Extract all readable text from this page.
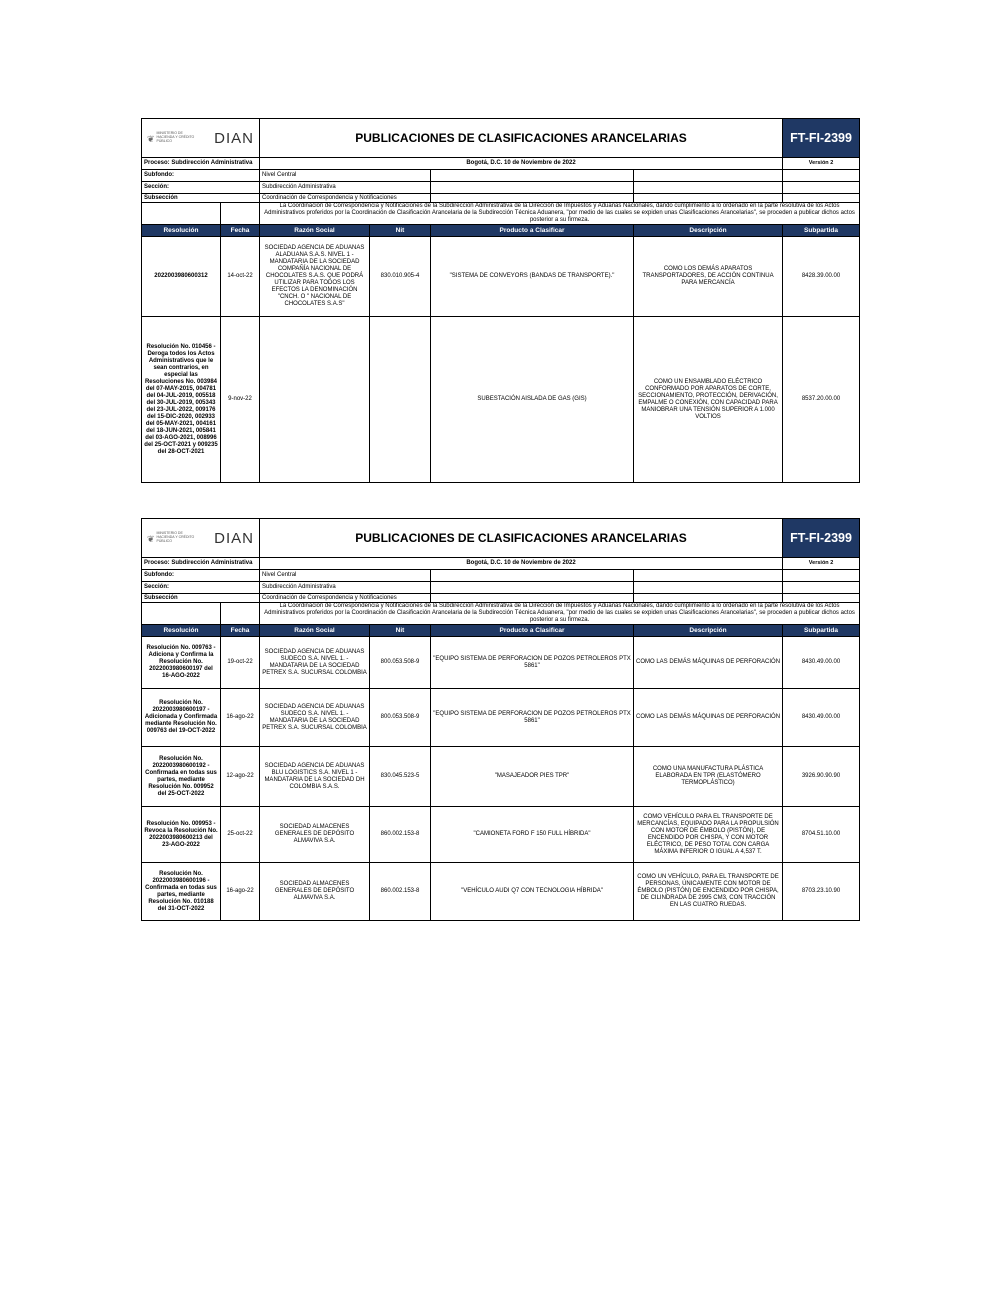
❦MINISTERIO DE HACIENDA Y CRÉDITO PÚBLICO DIAN		PUBLICACIONES DE CLASIFICACIONES ARANCELARIAS				FT-FI-2399
Proceso: Subdirección Administrativa		Bogotá, D.C. 10 de Noviembre de 2022				Versión 2
Subfondo:		Nivel Central				
Sección:		Subdirección Administrativa				
Subsección		Coordinación de Correspondencia y Notificaciones				
		La Coordinacion de Correspondencia y Notificaciones de la Subdireccion Administrativa de la Dirección de Impuestos y Aduanas Nacionales, dando cumplimiento a lo ordenado en la parte resolutiva de los Actos Administrativos proferidos por la Coordinación de Clasificación Arancelaria de la Subdirección Técnica Aduanera, "por medio de las cuales se expiden unas Clasificaciones Arancelarias", se proceden a publicar dichos actos posterior a su firmeza.				
Resolución	Fecha	Razón Social	Nit	Producto a Clasificar	Descripción	Subpartida
2022003980600312	14-oct-22	SOCIEDAD AGENCIA DE ADUANAS ALADUANA S.A.S. NIVEL 1 - MANDATARIA DE LA SOCIEDAD COMPAÑÍA NACIONAL DE CHOCOLATES S.A.S. QUE PODRÁ UTILIZAR PARA TODOS LOS EFECTOS LA DENOMINACIÓN "CNCH. O " NACIONAL DE CHOCOLATES S.A.S"	830.010.905-4	"SISTEMA DE CONVEYORS (BANDAS DE TRANSPORTE)."	COMO LOS DEMÁS APARATOS TRANSPORTADORES, DE ACCIÓN CONTINUA PARA MERCANCÍA	8428.39.00.00
Resolución No. 010456 - Deroga todos los Actos Administrativos que le sean contrarios, en especial las Resoluciones No. 003984 del 07-MAY-2015, 004781 del 04-JUL-2019, 005518 del 30-JUL-2019, 005343 del 23-JUL-2022, 009176 del 15-DIC-2020, 002933 del 05-MAY-2021, 004161 del 18-JUN-2021, 005841 del 03-AGO-2021, 008996 del 25-OCT-2021 y 009235 del 28-OCT-2021	9-nov-22			SUBESTACIÓN AISLADA DE GAS (GIS)	COMO UN ENSAMBLADO ELÉCTRICO CONFORMADO POR APARATOS DE CORTE, SECCIONAMIENTO, PROTECCIÓN, DERIVACIÓN, EMPALME O CONEXIÓN, CON CAPACIDAD PARA MANIOBRAR UNA TENSIÓN SUPERIOR A 1.000 VOLTIOS	8537.20.00.00
❦MINISTERIO DE HACIENDA Y CRÉDITO PÚBLICO DIAN		PUBLICACIONES DE CLASIFICACIONES ARANCELARIAS				FT-FI-2399
Proceso: Subdirección Administrativa		Bogotá, D.C. 10 de Noviembre de 2022				Versión 2
Subfondo:		Nivel Central				
Sección:		Subdirección Administrativa				
Subsección		Coordinación de Correspondencia y Notificaciones				
		La Coordinacion de Correspondencia y Notificaciones de la Subdireccion Administrativa de la Dirección de Impuestos y Aduanas Nacionales, dando cumplimiento a lo ordenado en la parte resolutiva de los Actos Administrativos proferidos por la Coordinación de Clasificación Arancelaria de la Subdirección Técnica Aduanera, "por medio de las cuales se expiden unas Clasificaciones Arancelarias", se proceden a publicar dichos actos posterior a su firmeza.				
Resolución	Fecha	Razón Social	Nit	Producto a Clasificar	Descripción	Subpartida
Resolución No. 009763 - Adiciona y Confirma la Resolución No. 2022003980600197 del 16-AGO-2022	19-oct-22	SOCIEDAD AGENCIA DE ADUANAS SUDECO S.A. NIVEL 1. - MANDATARIA DE LA SOCIEDAD PETREX S.A. SUCURSAL COLOMBIA	800.053.508-9	"EQUIPO SISTEMA DE PERFORACION DE POZOS PETROLEROS PTX 5861"	COMO LAS DEMÁS MÁQUINAS DE PERFORACIÓN	8430.49.00.00
Resolución No. 2022003980600197 - Adicionada y Confirmada mediante Resolución No. 009763 del 19-OCT-2022	16-ago-22	SOCIEDAD AGENCIA DE ADUANAS SUDECO S.A. NIVEL 1. - MANDATARIA DE LA SOCIEDAD PETREX S.A. SUCURSAL COLOMBIA	800.053.508-9	"EQUIPO SISTEMA DE PERFORACION DE POZOS PETROLEROS PTX 5861"	COMO LAS DEMÁS MÁQUINAS DE PERFORACIÓN	8430.49.00.00
Resolución No. 2022003980600192 - Confirmada en todas sus partes, mediante Resolución No. 009952 del 25-OCT-2022	12-ago-22	SOCIEDAD AGENCIA DE ADUANAS BLU LOGISTICS S.A. NIVEL 1 - MANDATARIA DE LA SOCIEDAD DH COLOMBIA S.A.S.	830.045.523-5	"MASAJEADOR PIES TPR"	COMO UNA MANUFACTURA PLÁSTICA ELABORADA EN TPR (ELASTÓMERO TERMOPLÁSTICO)	3926.90.90.90
Resolución No. 009953 - Revoca la Resolución No. 2022003980600213 del 23-AGO-2022	25-oct-22	SOCIEDAD ALMACENES GENERALES DE DEPÓSITO ALMAVIVA S.A.	860.002.153-8	"CAMIONETA FORD F 150 FULL HÍBRIDA"	COMO VEHÍCULO PARA EL TRANSPORTE DE MERCANCÍAS, EQUIPADO PARA LA PROPULSIÓN CON MOTOR DE ÉMBOLO (PISTÓN), DE ENCENDIDO POR CHISPA, Y CON MOTOR ELÉCTRICO, DE PESO TOTAL CON CARGA MÁXIMA INFERIOR O IGUAL A 4,537 T.	8704.51.10.00
Resolución No. 2022003980600196 - Confirmada en todas sus partes, mediante Resolución No. 010188 del 31-OCT-2022	16-ago-22	SOCIEDAD ALMACENES GENERALES DE DEPÓSITO ALMAVIVA S.A.	860.002.153-8	"VEHÍCULO AUDI Q7 CON TECNOLOGIA HÍBRIDA"	COMO UN VEHÍCULO, PARA EL TRANSPORTE DE PERSONAS, ÚNICAMENTE CON MOTOR DE ÉMBOLO (PISTÓN) DE ENCENDIDO POR CHISPA, DE CILINDRADA DE 2995 CM3, CON TRACCIÓN EN LAS CUATRO RUEDAS.	8703.23.10.90
